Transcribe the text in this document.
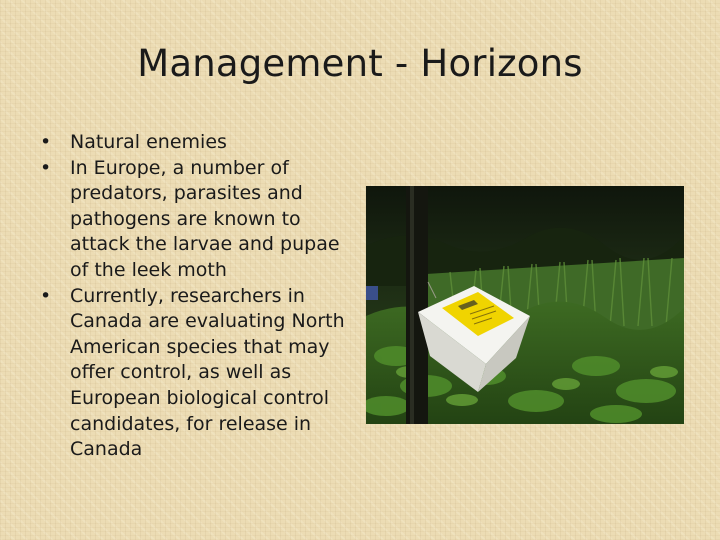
Management - Horizons
• Natural enemies
• In Europe, a number of predators, parasites and pathogens are known to attack the larvae and pupae of the leek moth
• Currently, researchers in Canada are evaluating North American species that may offer control, as well as European biological control candidates, for release in Canada
